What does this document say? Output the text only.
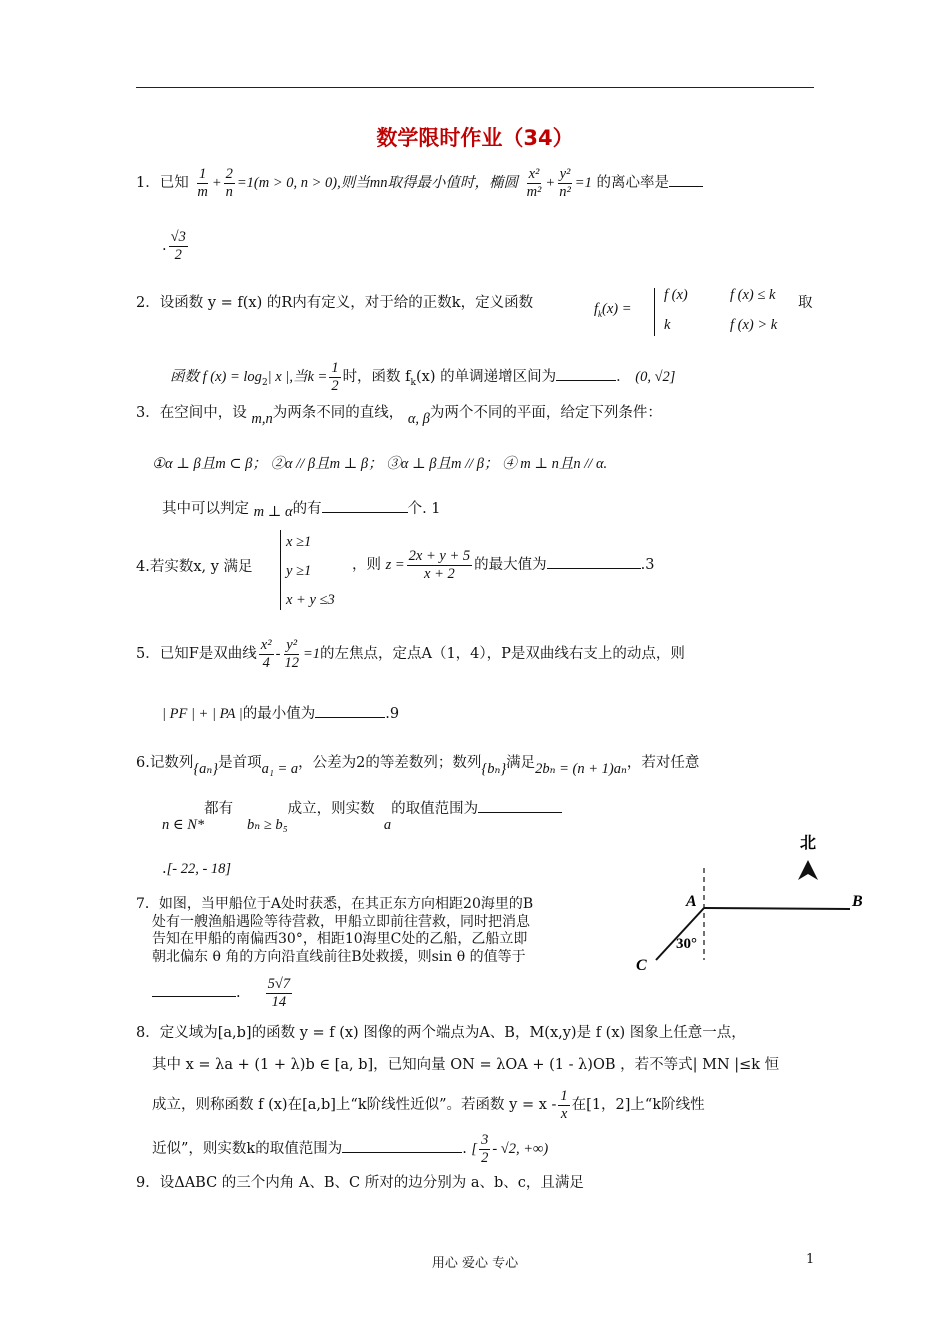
数学限时作业（34）
1．已知 $\frac{1}{m} + \frac{2}{n} =1(m > 0$, n > 0),则当mn取得最小值时，椭圆 $\frac{\text{x²}}{\text{m²}} + \frac{\text{y²}}{\text{n²}} =1$ 的离心率是
. $\frac{√3}{2}$
2．设函数 y = f(x) 的R内有定义，对于给的正数k，定义函数	$f_k(x)$ =
f (x)	f (x) ≤ k
k	f (x) > k
取
函数 f $(x) = \log_2|$ x |,当$k = \frac{1}{2}$ 时，函数 $f_k(x)$ 的单调递增区间为	． (0, √2]
3．在空间中，设 m,n为两条不同的直线， α, β为两个不同的平面，给定下列条件：
①α ⊥ β且m ⊂ β； ②α // β且m ⊥ β； ③α ⊥ β且m // β； ④ m ⊥ n且n // α.
其中可以判定 m ⊥ α的有	个. 1
x ≥1
y ≥1
x + y ≤3
4.若实数x, y 满足	，则 $z = \frac{2x + y + 5}{x + 2}$ 的最大值为	.3
5．已知F是双曲线 $\frac{\text{x²}}{4} - \frac{\text{y²}}{12} =1$的左焦点，定点A（1，4），P是双曲线右支上的动点，则
| PF | + | PA |的最小值为	.9
6.记数列{aₙ}是首项a₁ = a，公差为2的等差数列；数列{bₙ}满足2bₙ = (n + 1)aₙ，若对任意
n ∈ N*都有   bₙ ≥ b₅成立，则实数  a的取值范围为
.[- 22, - 18]
7．如图，当甲船位于A处时获悉，在其正东方向相距20海里的B
处有一艘渔船遇险等待营救，甲船立即前往营救，同时把消息
告知在甲船的南偏西30°，相距10海里C处的乙船，乙船立即
朝北偏东 θ 角的方向沿直线前往B处救援，则sin θ 的值等于
. $\frac{5√7}{14}$
北
A	B
C
30°
8．定义域为[a,b]的函数 y = f (x) 图像的两个端点为A、B，M(x,y)是 f (x) 图象上任意一点，
其中 x = λa + (1 + λ)b ∈ [a, b]，已知向量 ON = λOA + (1 - λ)OB ，若不等式| MN |≤k 恒
成立，则称函数 f (x)在[a,b]上“k阶线性近似”。若函数 $y = x - \frac{1}{x}$ 在[1，2]上“k阶线性
近似”，则实数k的取值范围为	. [ $\frac{3}{2} - √2$, +∞)
9．设ΔABC 的三个内角 A、B、C 所对的边分别为 a、b、c，且满足
用心 爱心 专心	1
